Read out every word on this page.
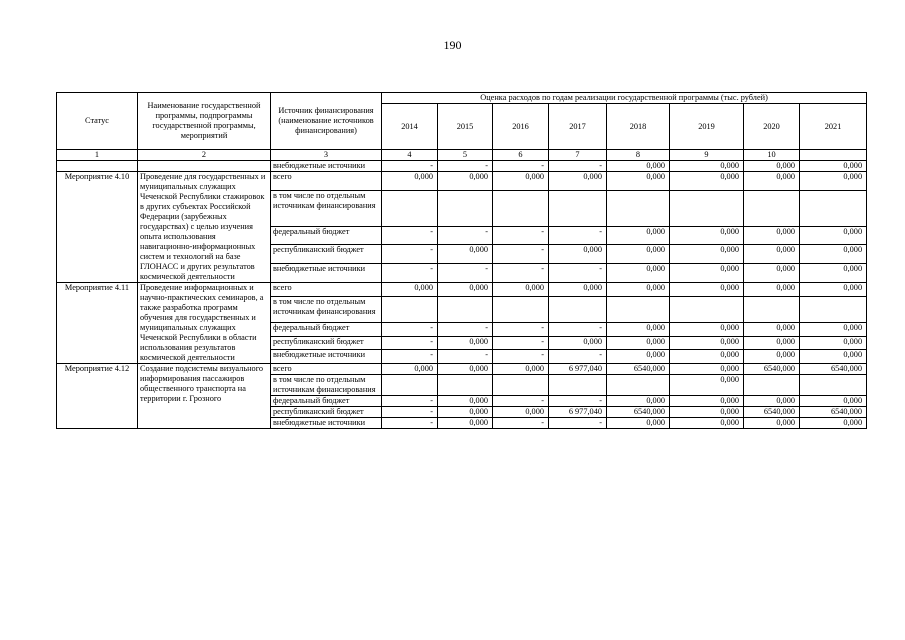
190
Статус	Наименование государственной программы, подпрограммы государственной программы, мероприятий	Источник финансирования (наименование источников финансирования)	Оценка расходов по годам реализации государственной программы (тыс. рублей)							
			2014	2015	2016	2017	2018	2019	2020	2021
1	2	3	4	5	6	7	8	9	10	
		внебюджетные источники	-	-	-	-	0,000	0,000	0,000	0,000
Мероприятие 4.10	Проведение для государственных и муниципальных служащих Чеченской Республики стажировок в других субъектах Российской Федерации (зарубежных государствах) с целью изучения опыта использования навигационно-информационных систем и технологий на базе ГЛОНАСС и других результатов космической деятельности	всего	0,000	0,000	0,000	0,000	0,000	0,000	0,000	0,000
		в том числе по отдельным источникам финансирования								
		федеральный бюджет	-	-	-	-	0,000	0,000	0,000	0,000
		республиканский бюджет	-	0,000	-	0,000	0,000	0,000	0,000	0,000
		внебюджетные источники	-	-	-	-	0,000	0,000	0,000	0,000
Мероприятие 4.11	Проведение информационных и научно-практических семинаров, а также разработка программ обучения для государственных и муниципальных служащих Чеченской Республики в области использования результатов космической деятельности	всего	0,000	0,000	0,000	0,000	0,000	0,000	0,000	0,000
		в том числе по отдельным источникам финансирования								
		федеральный бюджет	-	-	-	-	0,000	0,000	0,000	0,000
		республиканский бюджет	-	0,000	-	0,000	0,000	0,000	0,000	0,000
		внебюджетные источники	-	-	-	-	0,000	0,000	0,000	0,000
Мероприятие 4.12	Создание подсистемы визуального информирования пассажиров общественного транспорта на территории г. Грозного	всего	0,000	0,000	0,000	6 977,040	6540,000	0,000	6540,000	6540,000
		в том числе по отдельным источникам финансирования						0,000		
		федеральный бюджет	-	0,000	-	-	0,000	0,000	0,000	0,000
		республиканский бюджет	-	0,000	0,000	6 977,040	6540,000	0,000	6540,000	6540,000
		внебюджетные источники	-	0,000	-	-	0,000	0,000	0,000	0,000
